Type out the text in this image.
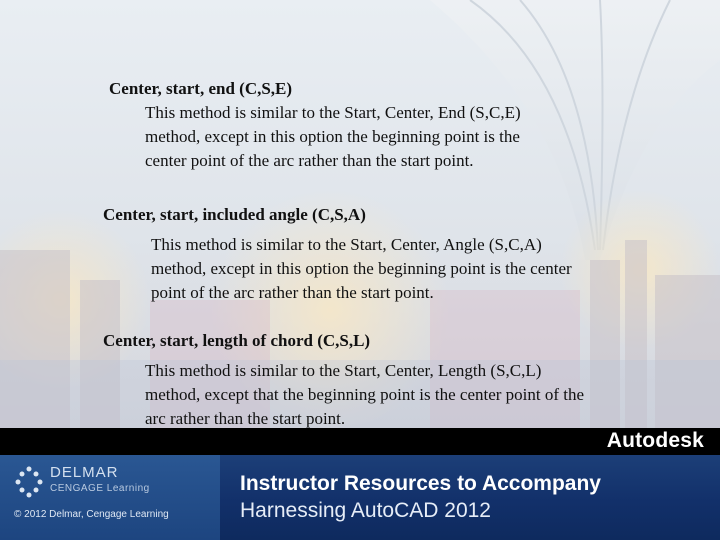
Center, start, end (C,S,E)
This method is similar to the Start, Center, End (S,C,E) method, except in this option the beginning point is the center point of the arc rather than the start point.
Center, start, included angle (C,S,A)
This method is similar to the Start, Center, Angle (S,C,A) method, except in this option the beginning point is the center point of the arc rather than the start point.
Center, start, length of chord (C,S,L)
This method is similar to the Start, Center, Length (S,C,L) method, except that the beginning point is the center point of the arc rather than the start point.
Autodesk
DELMAR
CENGAGE Learning
© 2012 Delmar, Cengage Learning
Instructor Resources to Accompany
Harnessing AutoCAD 2012
